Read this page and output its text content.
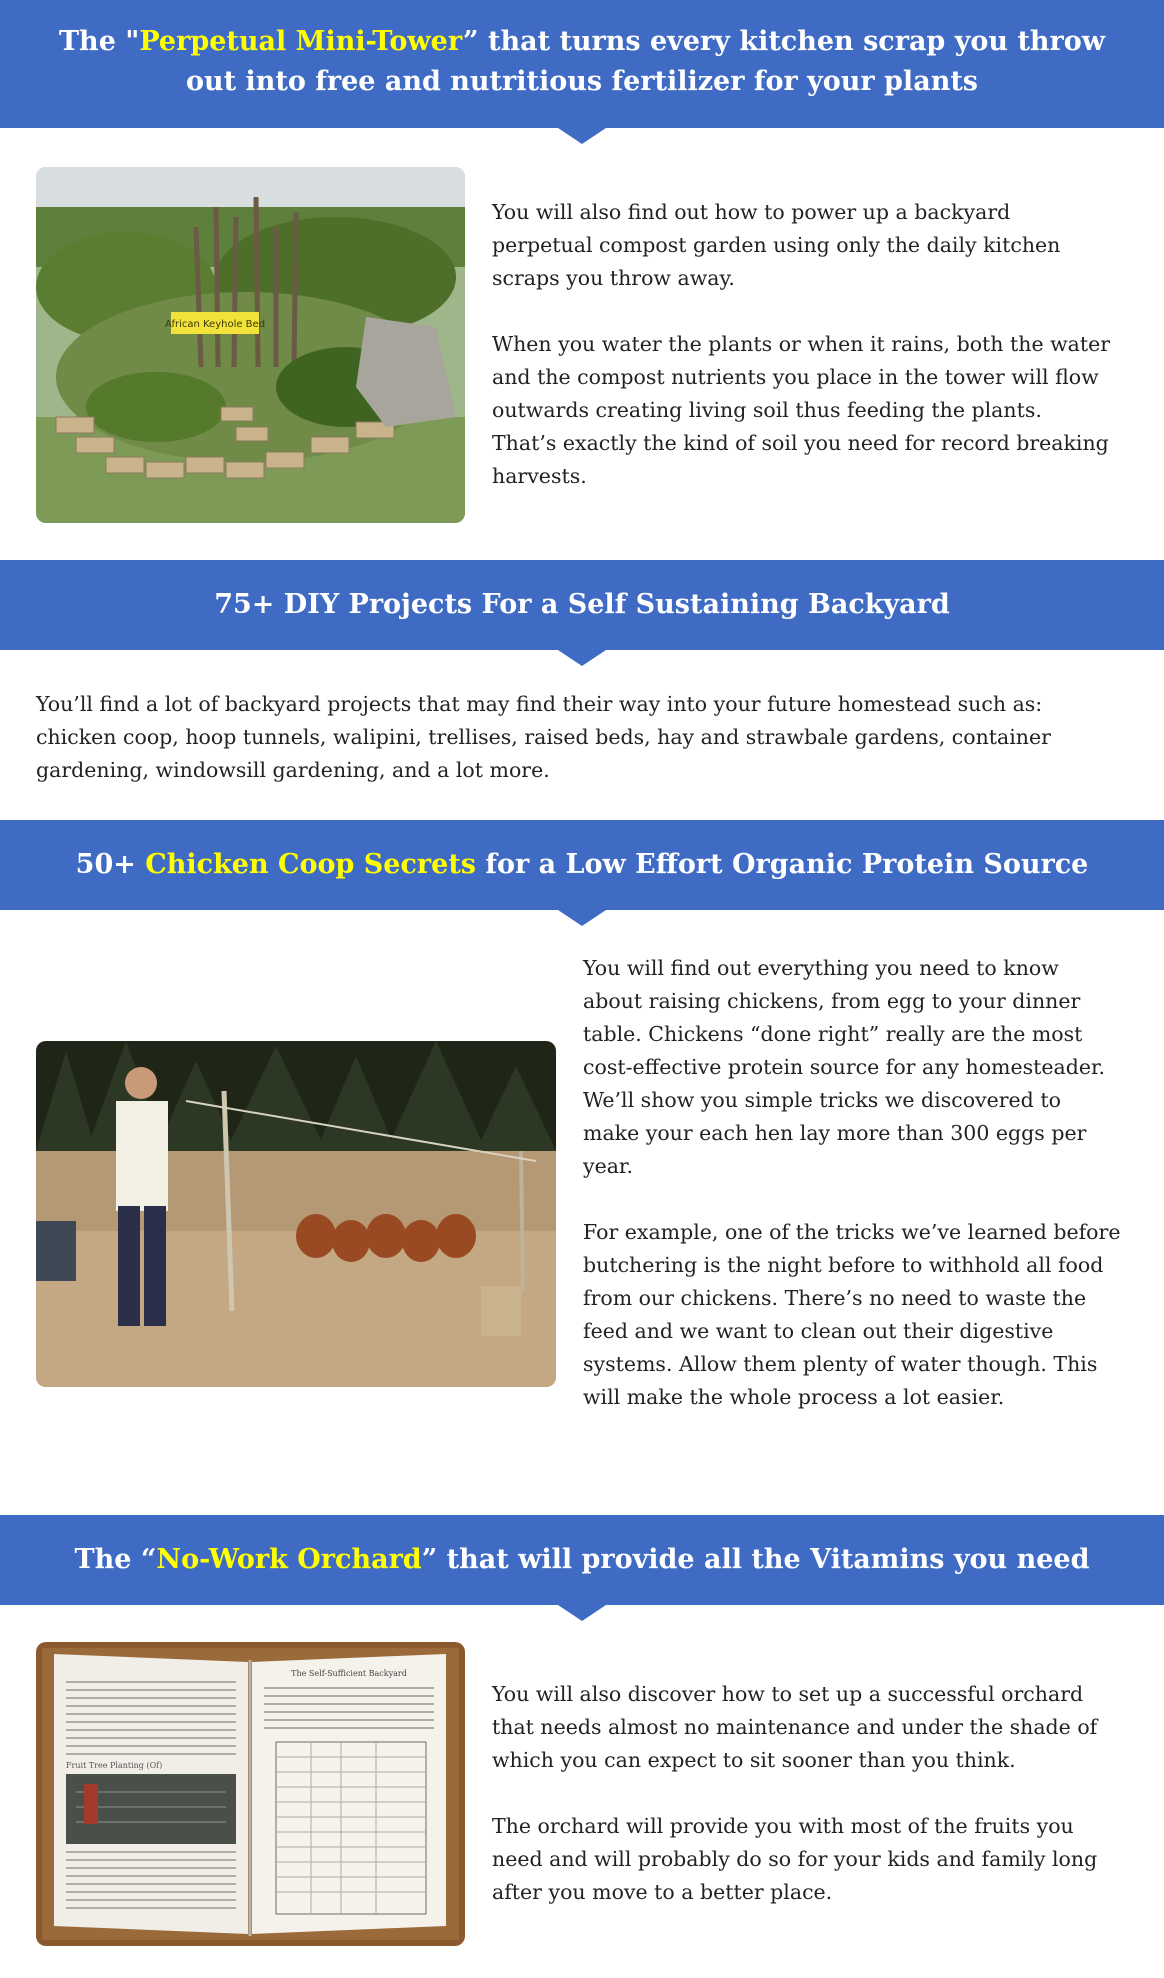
The "Perpetual Mini-Tower” that turns every kitchen scrap you throw out into free and nutritious fertilizer for your plants
African Keyhole Bed

You will also find out how to power up a backyard perpetual compost garden using only the daily kitchen scraps you throw away.

When you water the plants or when it rains, both the water and the compost nutrients you place in the tower will flow outwards creating living soil thus feeding the plants. That’s exactly the kind of soil you need for record breaking harvests.

75+ DIY Projects For a Self Sustaining Backyard

You’ll find a lot of backyard projects that may find their way into your future homestead such as: chicken coop, hoop tunnels, walipini, trellises, raised beds, hay and strawbale gardens, container gardening, windowsill gardening, and a lot more.

50+ Chicken Coop Secrets for a Low Effort Organic Protein Source

You will find out everything you need to know about raising chickens, from egg to your dinner table. Chickens “done right” really are the most cost-effective protein source for any homesteader. We’ll show you simple tricks we discovered to make your each hen lay more than 300 eggs per year.

For example, one of the tricks we’ve learned before butchering is the night before to withhold all food from our chickens. There’s no need to waste the feed and we want to clean out their digestive systems. Allow them plenty of water though. This will make the whole process a lot easier.

The “No-Work Orchard” that will provide all the Vitamins you need
Fruit Tree Planting (Of)
The Self-Sufficient Backyard

You will also discover how to set up a successful orchard that needs almost no maintenance and under the shade of which you can expect to sit sooner than you think.

The orchard will provide you with most of the fruits you need and will probably do so for your kids and family long after you move to a better place.
